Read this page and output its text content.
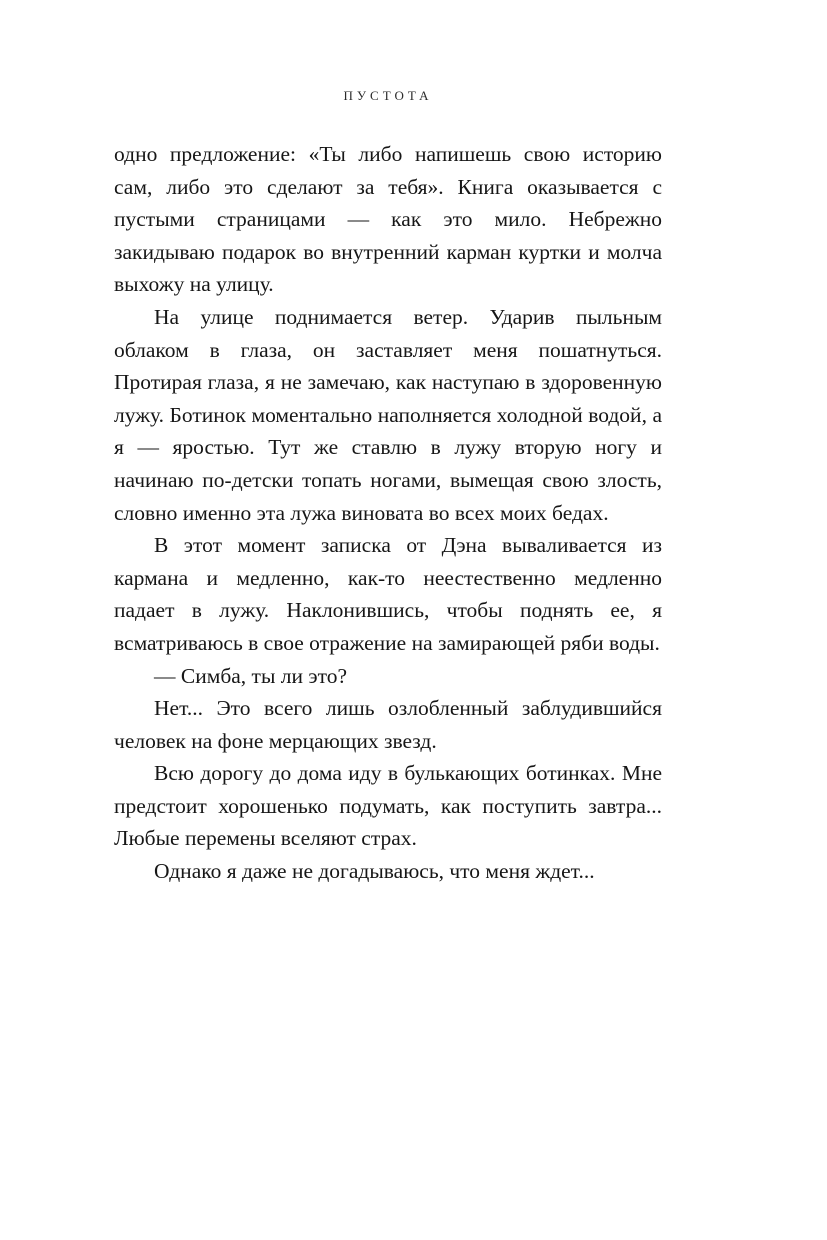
ПУСТОТА

одно предложение: «Ты либо напишешь свою историю сам, либо это сделают за тебя». Книга оказывается с пустыми страницами — как это мило. Небрежно закидываю подарок во внутренний карман куртки и молча выхожу на улицу.

На улице поднимается ветер. Ударив пыльным облаком в глаза, он заставляет меня пошатнуться. Протирая глаза, я не замечаю, как наступаю в здоровенную лужу. Ботинок моментально наполняется холодной водой, а я — яростью. Тут же ставлю в лужу вторую ногу и начинаю по-детски топать ногами, вымещая свою злость, словно именно эта лужа виновата во всех моих бедах.

В этот момент записка от Дэна вываливается из кармана и медленно, как-то неестественно медленно падает в лужу. Наклонившись, чтобы поднять ее, я всматриваюсь в свое отражение на замирающей ряби воды.

— Симба, ты ли это?

Нет... Это всего лишь озлобленный заблудившийся человек на фоне мерцающих звезд.

Всю дорогу до дома иду в булькающих ботинках. Мне предстоит хорошенько подумать, как поступить завтра... Любые перемены вселяют страх.

Однако я даже не догадываюсь, что меня ждет...
